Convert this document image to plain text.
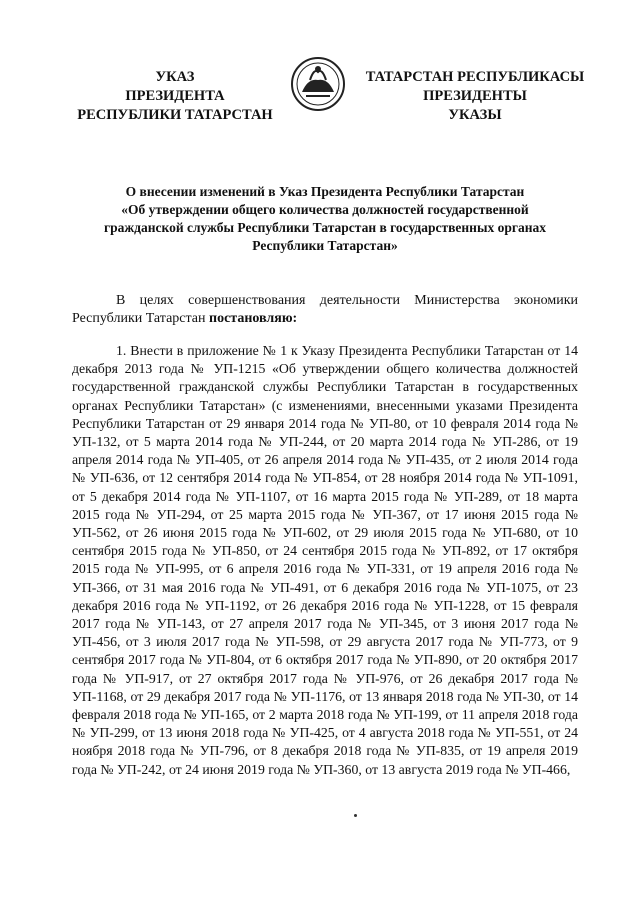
УКАЗ
ПРЕЗИДЕНТА
РЕСПУБЛИКИ ТАТАРСТАН
ТАТАРСТАН РЕСПУБЛИКАСЫ
ПРЕЗИДЕНТЫ
УКАЗЫ
О внесении изменений в Указ Президента Республики Татарстан
«Об утверждении общего количества должностей государственной
гражданской службы Республики Татарстан в государственных органах
Республики Татарстан»
В целях совершенствования деятельности Министерства экономики Республики Татарстан постановляю:
1. Внести в приложение № 1 к Указу Президента Республики Татарстан от 14 декабря 2013 года № УП-1215 «Об утверждении общего количества должностей государственной гражданской службы Республики Татарстан в государственных органах Республики Татарстан» (с изменениями, внесенными указами Президента Республики Татарстан от 29 января 2014 года № УП-80, от 10 февраля 2014 года № УП-132, от 5 марта 2014 года № УП-244, от 20 марта 2014 года № УП-286, от 19 апреля 2014 года № УП-405, от 26 апреля 2014 года № УП-435, от 2 июля 2014 года № УП-636, от 12 сентября 2014 года № УП-854, от 28 ноября 2014 года № УП-1091, от 5 декабря 2014 года № УП-1107, от 16 марта 2015 года № УП-289, от 18 марта 2015 года № УП-294, от 25 марта 2015 года № УП-367, от 17 июня 2015 года № УП-562, от 26 июня 2015 года № УП-602, от 29 июля 2015 года № УП-680, от 10 сентября 2015 года № УП-850, от 24 сентября 2015 года № УП-892, от 17 октября 2015 года № УП-995, от 6 апреля 2016 года № УП-331, от 19 апреля 2016 года № УП-366, от 31 мая 2016 года № УП-491, от 6 декабря 2016 года № УП-1075, от 23 декабря 2016 года № УП-1192, от 26 декабря 2016 года № УП-1228, от 15 февраля 2017 года № УП-143, от 27 апреля 2017 года № УП-345, от 3 июня 2017 года № УП-456, от 3 июля 2017 года № УП-598, от 29 августа 2017 года № УП-773, от 9 сентября 2017 года № УП-804, от 6 октября 2017 года № УП-890, от 20 октября 2017 года № УП-917, от 27 октября 2017 года № УП-976, от 26 декабря 2017 года № УП-1168, от 29 декабря 2017 года № УП-1176, от 13 января 2018 года № УП-30, от 14 февраля 2018 года № УП-165, от 2 марта 2018 года № УП-199, от 11 апреля 2018 года № УП-299, от 13 июня 2018 года № УП-425, от 4 августа 2018 года № УП-551, от 24 ноября 2018 года № УП-796, от 8 декабря 2018 года № УП-835, от 19 апреля 2019 года № УП-242, от 24 июня 2019 года № УП-360, от 13 августа 2019 года № УП-466,
